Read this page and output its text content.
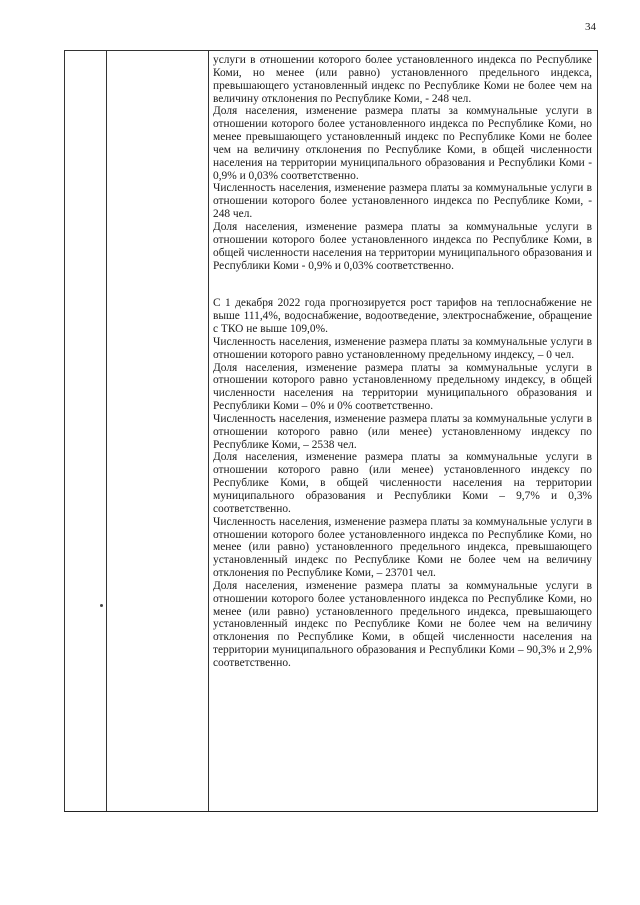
34

услуги в отношении которого более установленного индекса по Республике Коми, но менее (или равно) установленного предельного индекса, превышающего установленный индекс по Республике Коми не более чем на величину отклонения по Республике Коми, - 248 чел.

Доля населения, изменение размера платы за коммунальные услуги в отношении которого более установленного индекса по Республике Коми, но менее превышающего установленный индекс по Республике Коми не более чем на величину отклонения по Республике Коми, в общей численности населения на территории муниципального образования и Республики Коми - 0,9% и 0,03% соответственно.

Численность населения, изменение размера платы за коммунальные услуги в отношении которого более установленного индекса по Республике Коми, - 248 чел.

Доля населения, изменение размера платы за коммунальные услуги в отношении которого более установленного индекса по Республике Коми, в общей численности населения на территории муниципального образования и Республики Коми - 0,9% и 0,03% соответственно.

С 1 декабря 2022 года прогнозируется рост тарифов на теплоснабжение не выше 111,4%, водоснабжение, водоотведение, электроснабжение, обращение с ТКО не выше 109,0%.

Численность населения, изменение размера платы за коммунальные услуги в отношении которого равно установленному предельному индексу, – 0 чел.

Доля населения, изменение размера платы за коммунальные услуги в отношении которого равно установленному предельному индексу, в общей численности населения на территории муниципального образования и Республики Коми – 0% и 0% соответственно.

Численность населения, изменение размера платы за коммунальные услуги в отношении которого равно (или менее) установленному индексу по Республике Коми, – 2538 чел.

Доля населения, изменение размера платы за коммунальные услуги в отношении которого равно (или менее) установленного индексу по Республике Коми, в общей численности населения на территории муниципального образования и Республики Коми – 9,7% и 0,3% соответственно.

Численность населения, изменение размера платы за коммунальные услуги в отношении которого более установленного индекса по Республике Коми, но менее (или равно) установленного предельного индекса, превышающего установленный индекс по Республике Коми не более чем на величину отклонения по Республике Коми, – 23701 чел.

Доля населения, изменение размера платы за коммунальные услуги в отношении которого более установленного индекса по Республике Коми, но менее (или равно) установленного предельного индекса, превышающего установленный индекс по Республике Коми не более чем на величину отклонения по Республике Коми, в общей численности населения на территории муниципального образования и Республики Коми – 90,3% и 2,9% соответственно.
